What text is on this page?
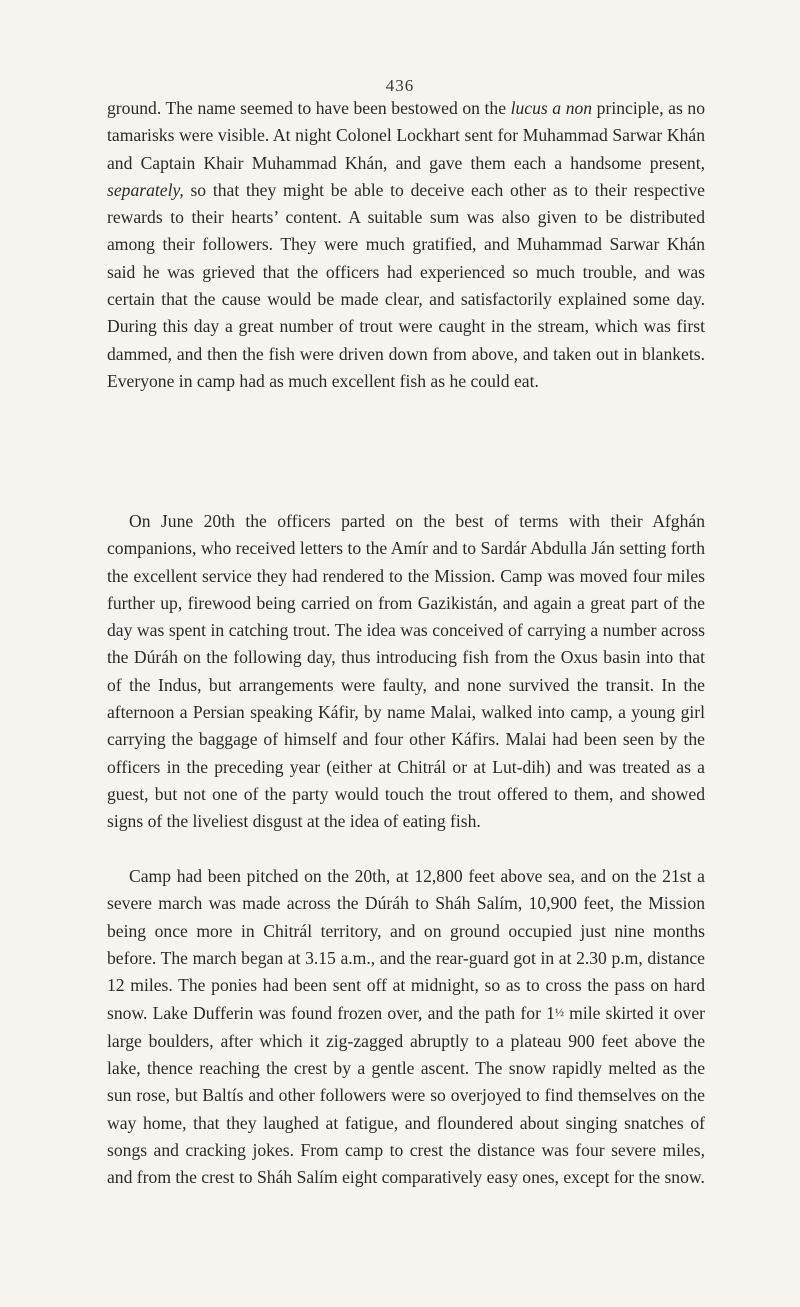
436

ground. The name seemed to have been bestowed on the lucus a non principle, as no tamarisks were visible. At night Colonel Lockhart sent for Muhammad Sarwar Khán and Captain Khair Muhammad Khán, and gave them each a handsome present, separately, so that they might be able to deceive each other as to their respective rewards to their hearts’ content. A suitable sum was also given to be distributed among their followers. They were much gratified, and Muhammad Sarwar Khán said he was grieved that the officers had experienced so much trouble, and was certain that the cause would be made clear, and satisfactorily explained some day. During this day a great number of trout were caught in the stream, which was first dammed, and then the fish were driven down from above, and taken out in blankets. Everyone in camp had as much excellent fish as he could eat.

On June 20th the officers parted on the best of terms with their Afghán companions, who received letters to the Amír and to Sardár Abdulla Ján setting forth the excellent service they had rendered to the Mission. Camp was moved four miles further up, firewood being carried on from Gazikistán, and again a great part of the day was spent in catching trout. The idea was conceived of carrying a number across the Dúráh on the following day, thus introducing fish from the Oxus basin into that of the Indus, but arrangements were faulty, and none survived the transit. In the afternoon a Persian speaking Káfir, by name Malai, walked into camp, a young girl carrying the baggage of himself and four other Káfirs. Malai had been seen by the officers in the preceding year (either at Chitrál or at Lut-dih) and was treated as a guest, but not one of the party would touch the trout offered to them, and showed signs of the liveliest disgust at the idea of eating fish.

Camp had been pitched on the 20th, at 12,800 feet above sea, and on the 21st a severe march was made across the Dúráh to Sháh Salím, 10,900 feet, the Mission being once more in Chitrál territory, and on ground occupied just nine months before. The march began at 3.15 a.m., and the rear-guard got in at 2.30 p.m, distance 12 miles. The ponies had been sent off at midnight, so as to cross the pass on hard snow. Lake Dufferin was found frozen over, and the path for 1½ mile skirted it over large boulders, after which it zig-zagged abruptly to a plateau 900 feet above the lake, thence reaching the crest by a gentle ascent. The snow rapidly melted as the sun rose, but Baltís and other followers were so overjoyed to find themselves on the way home, that they laughed at fatigue, and floundered about singing snatches of songs and cracking jokes. From camp to crest the distance was four severe miles, and from the crest to Sháh Salím eight comparatively easy ones, except for the snow.
